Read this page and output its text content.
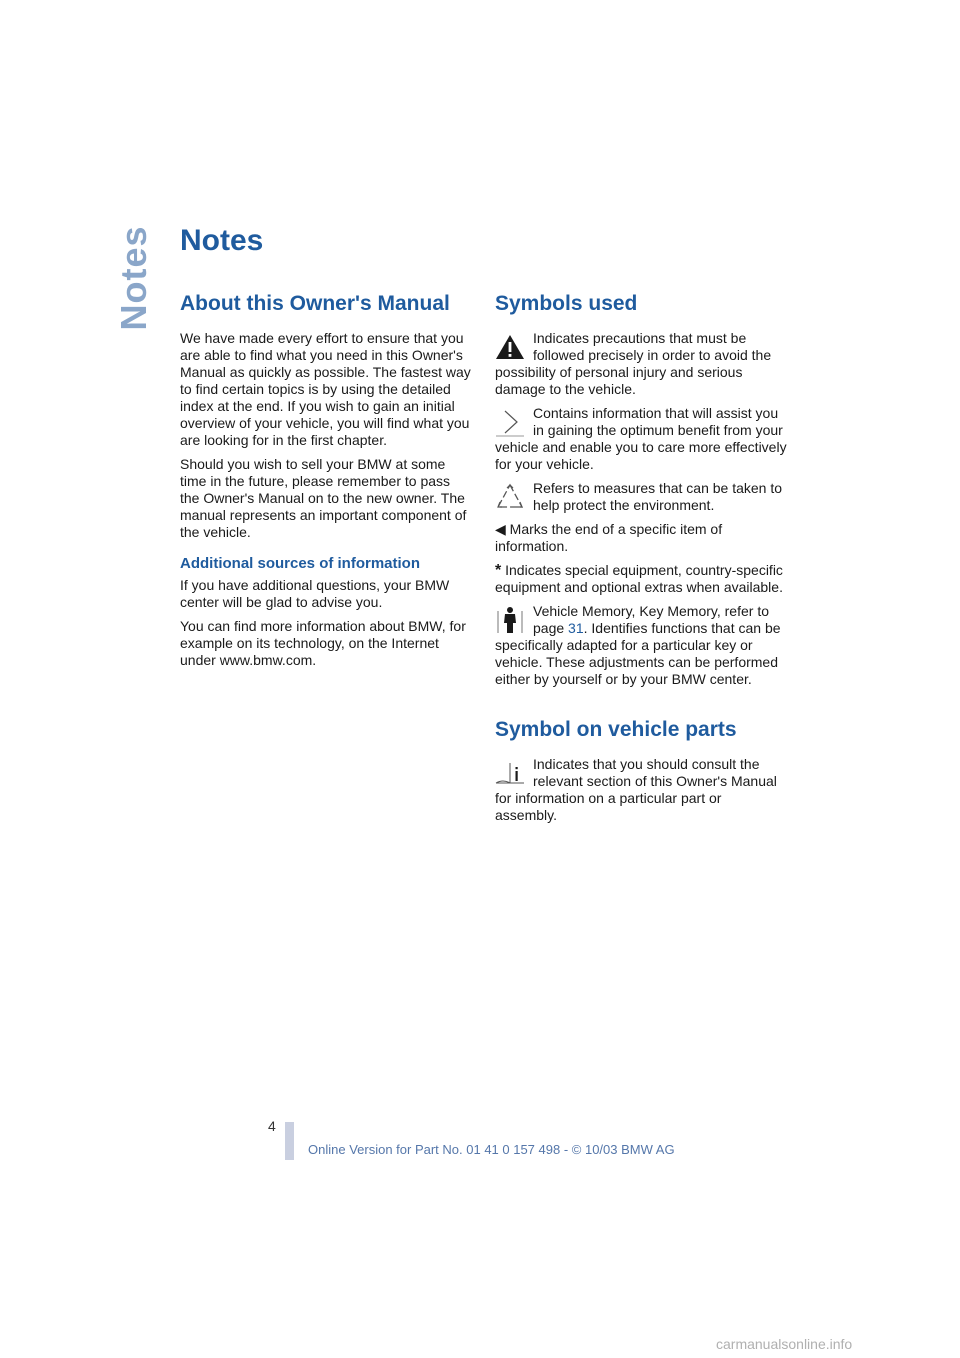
Notes Notes
About this Owner's Manual

We have made every effort to ensure that you are able to find what you need in this Owner's Manual as quickly as possible. The fastest way to find certain topics is by using the detailed index at the end. If you wish to gain an initial overview of your vehicle, you will find what you are looking for in the first chapter.

Should you wish to sell your BMW at some time in the future, please remember to pass the Owner's Manual on to the new owner. The manual represents an important component of the vehicle.

Additional sources of information

If you have additional questions, your BMW center will be glad to advise you.

You can find more information about BMW, for example on its technology, on the Internet under www.bmw.com.

Symbols used

Indicates precautions that must be followed precisely in order to avoid the possibility of personal injury and serious damage to the vehicle.

Contains information that will assist you in gaining the optimum benefit from your vehicle and enable you to care more effectively for your vehicle.

Refers to measures that can be taken to help protect the environment.

◀ Marks the end of a specific item of information.

* Indicates special equipment, country-specific equipment and optional extras when available.

Vehicle Memory, Key Memory, refer to page 31. Identifies functions that can be specifically adapted for a particular key or vehicle. These adjustments can be performed either by yourself or by your BMW center.

Symbol on vehicle parts

Indicates that you should consult the relevant section of this Owner's Manual for information on a particular part or assembly.

4
Online Version for Part No. 01 41 0 157 498 - © 10/03 BMW AG
carmanualsonline.info
